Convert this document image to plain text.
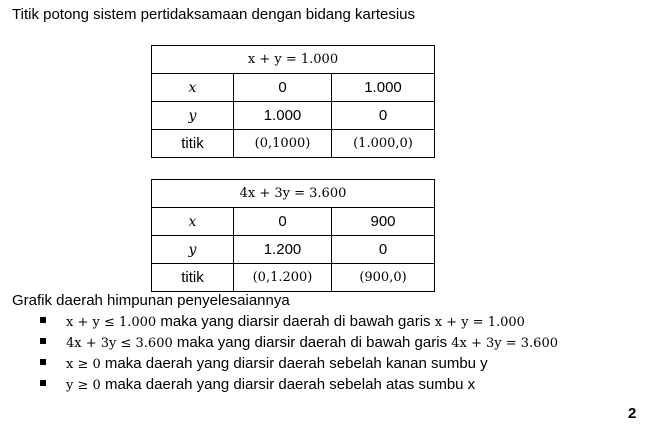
Titik potong sistem pertidaksamaan dengan bidang kartesius
x + y = 1.000		
x	0	1.000
y	1.000	0
titik	(0,1000)	(1.000,0)
4x + 3y = 3.600		
x	0	900
y	1.200	0
titik	(0,1.200)	(900,0)
Grafik daerah himpunan penyelesaiannya
x + y ≤ 1.000 maka yang diarsir daerah di bawah garis x + y = 1.000
4x + 3y ≤ 3.600 maka yang diarsir daerah di bawah garis 4x + 3y = 3.600
x ≥ 0 maka daerah yang diarsir daerah sebelah kanan sumbu y
y ≥ 0 maka daerah yang diarsir daerah sebelah atas sumbu x
2
